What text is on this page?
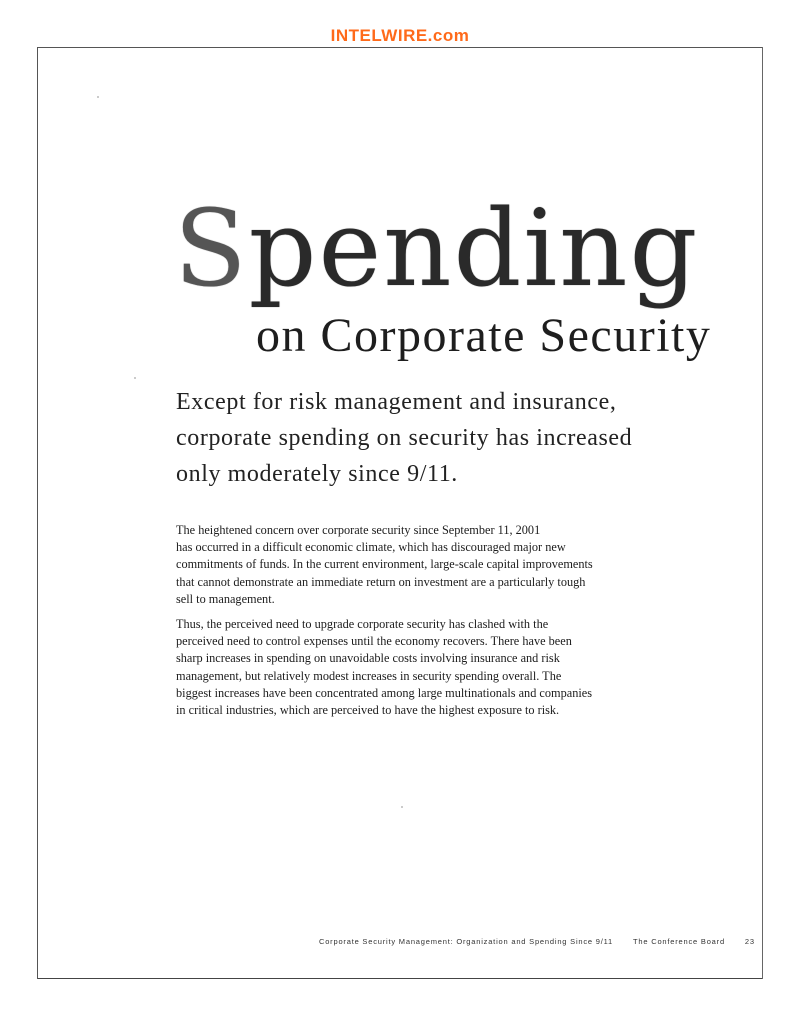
INTELWIRE.com
Spending
on Corporate Security

Except for risk management and insurance,

corporate spending on security has increased

only moderately since 9/11.

The heightened concern over corporate security since September 11, 2001
has occurred in a difficult economic climate, which has discouraged major new
commitments of funds. In the current environment, large-scale capital improvements
that cannot demonstrate an immediate return on investment are a particularly tough
sell to management.

Thus, the perceived need to upgrade corporate security has clashed with the
perceived need to control expenses until the economy recovers. There have been
sharp increases in spending on unavoidable costs involving insurance and risk
management, but relatively modest increases in security spending overall. The
biggest increases have been concentrated among large multinationals and companies
in critical industries, which are perceived to have the highest exposure to risk.

Corporate Security Management: Organization and Spending Since 9/11	The Conference Board	23
